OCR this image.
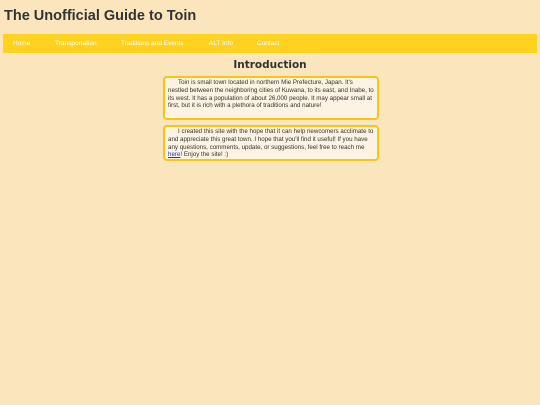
The Unofficial Guide to Toin
Home	Transportation	Traditions and Events	ALT Info	Contact
Introduction

Toin is small town located in northern Mie Prefecture, Japan. It's nestled between the neighboring cities of Kuwana, to its east, and Inabe, to its west. It has a population of about 26,000 people. It may appear small at first, but it is rich with a plethora of traditions and nature!

I created this site with the hope that it can help newcomers acclimate to and appreciate this great town. I hope that you'll find it useful! If you have any questions, comments, update, or suggestions, feel free to reach me here! Enjoy the site! :)
